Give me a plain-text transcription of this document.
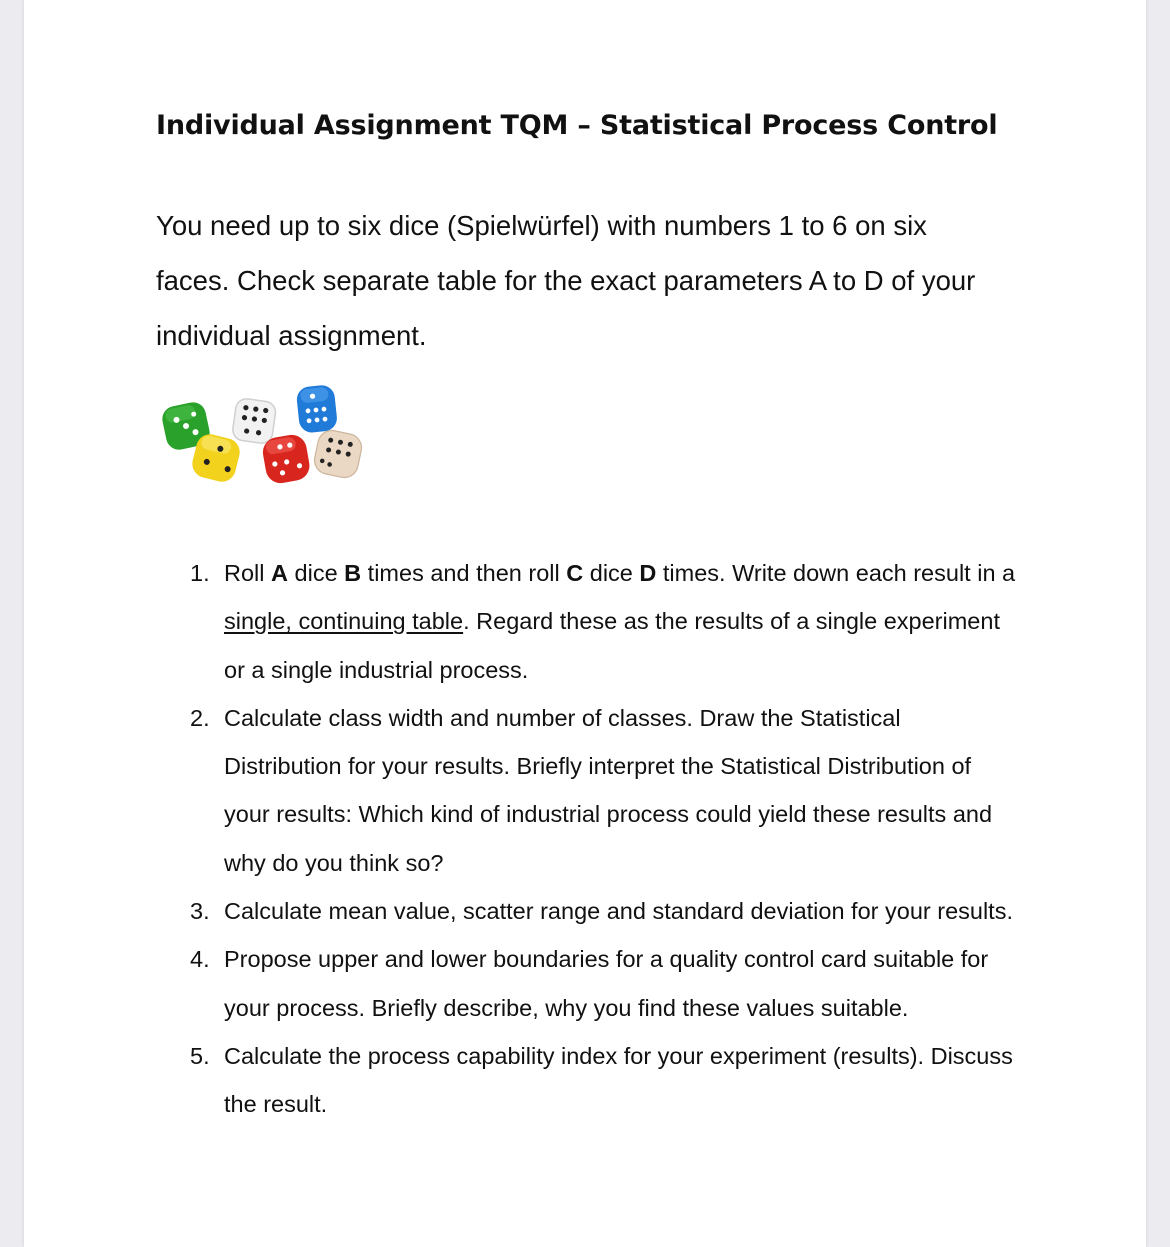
Individual Assignment TQM – Statistical Process Control

You need up to six dice (Spielwürfel) with numbers 1 to 6 on six faces. Check separate table for the exact parameters A to D of your individual assignment.

1. Roll A dice B times and then roll C dice D times. Write down each result in a single, continuing table. Regard these as the results of a single experiment or a single industrial process.
2. Calculate class width and number of classes. Draw the Statistical Distribution for your results. Briefly interpret the Statistical Distribution of your results: Which kind of industrial process could yield these results and why do you think so?
3. Calculate mean value, scatter range and standard deviation for your results.
4. Propose upper and lower boundaries for a quality control card suitable for your process. Briefly describe, why you find these values suitable.
5. Calculate the process capability index for your experiment (results). Discuss the result.
